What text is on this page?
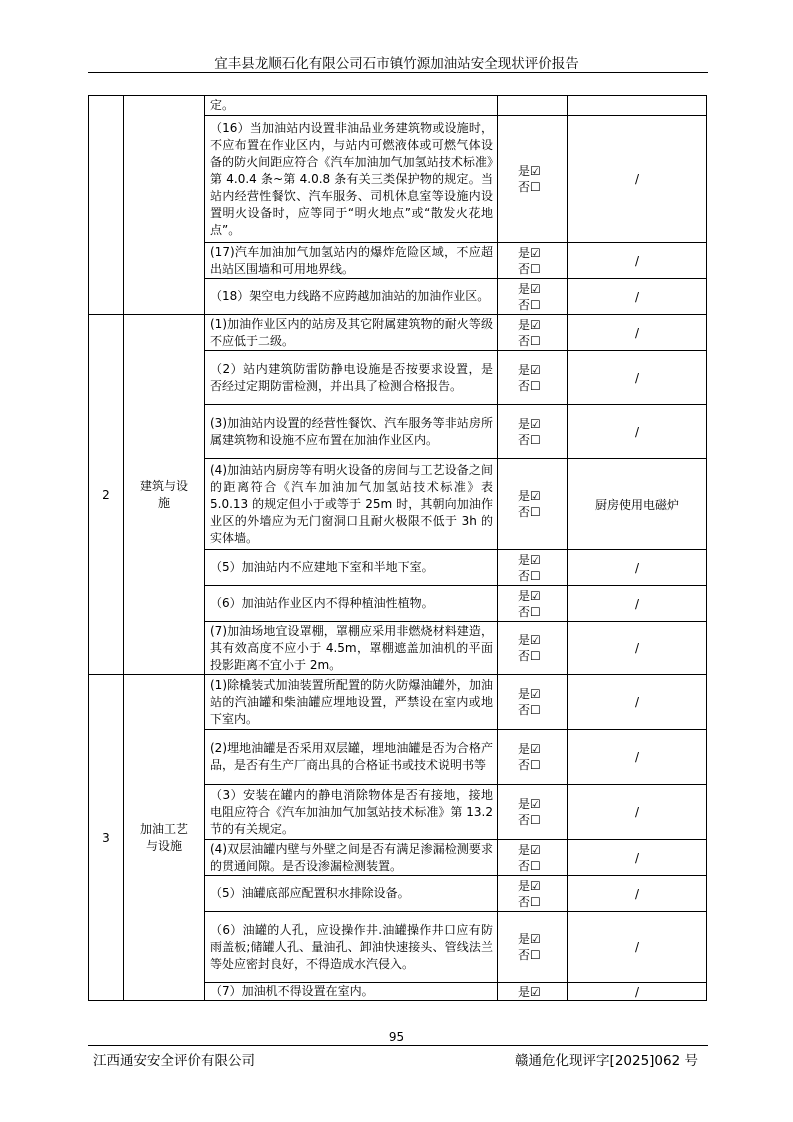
宜丰县龙顺石化有限公司石市镇竹源加油站安全现状评价报告
		定。		
		（16）当加油站内设置非油品业务建筑物或设施时，不应布置在作业区内，与站内可燃液体或可燃气体设备的防火间距应符合《汽车加油加气加氢站技术标准》第 4.0.4 条~第 4.0.8 条有关三类保护物的规定。当站内经营性餐饮、汽车服务、司机休息室等设施内设置明火设备时，应等同于“明火地点”或“散发火花地点”。	是☑
否☐	/
		(17)汽车加油加气加氢站内的爆炸危险区域，不应超出站区围墙和可用地界线。	是☑
否☐	/
		（18）架空电力线路不应跨越加油站的加油作业区。	是☑
否☐	/
2	建筑与设施	(1)加油作业区内的站房及其它附属建筑物的耐火等级不应低于二级。	是☑
否☐	/
		（2）站内建筑防雷防静电设施是否按要求设置，是否经过定期防雷检测，并出具了检测合格报告。	是☑
否☐	/
		(3)加油站内设置的经营性餐饮、汽车服务等非站房所属建筑物和设施不应布置在加油作业区内。	是☑
否☐	/
		(4)加油站内厨房等有明火设备的房间与工艺设备之间的距离符合《汽车加油加气加氢站技术标准》表 5.0.13 的规定但小于或等于 25m 时，其朝向加油作业区的外墙应为无门窗洞口且耐火极限不低于 3h 的实体墙。	是☑
否☐	厨房使用电磁炉
		（5）加油站内不应建地下室和半地下室。	是☑
否☐	/
		（6）加油站作业区内不得种植油性植物。	是☑
否☐	/
		(7)加油场地宜设罩棚，罩棚应采用非燃烧材料建造，其有效高度不应小于 4.5m，罩棚遮盖加油机的平面投影距离不宜小于 2m。	是☑
否☐	/
3	加油工艺与设施	(1)除橇装式加油装置所配置的防火防爆油罐外，加油站的汽油罐和柴油罐应埋地设置，严禁设在室内或地下室内。	是☑
否☐	/
		(2)埋地油罐是否采用双层罐，埋地油罐是否为合格产品，是否有生产厂商出具的合格证书或技术说明书等	是☑
否☐	/
		（3）安装在罐内的静电消除物体是否有接地，接地电阻应符合《汽车加油加气加氢站技术标准》第 13.2 节的有关规定。	是☑
否☐	/
		(4)双层油罐内壁与外壁之间是否有满足渗漏检测要求的贯通间隙。是否设渗漏检测装置。	是☑
否☐	/
		（5）油罐底部应配置积水排除设备。	是☑
否☐	/
		（6）油罐的人孔，应设操作井.油罐操作井口应有防雨盖板;储罐人孔、量油孔、卸油快速接头、管线法兰等处应密封良好，不得造成水汽侵入。	是☑
否☐	/
		（7）加油机不得设置在室内。	是☑	/
95
江西通安安全评价有限公司	赣通危化现评字[2025]062 号
